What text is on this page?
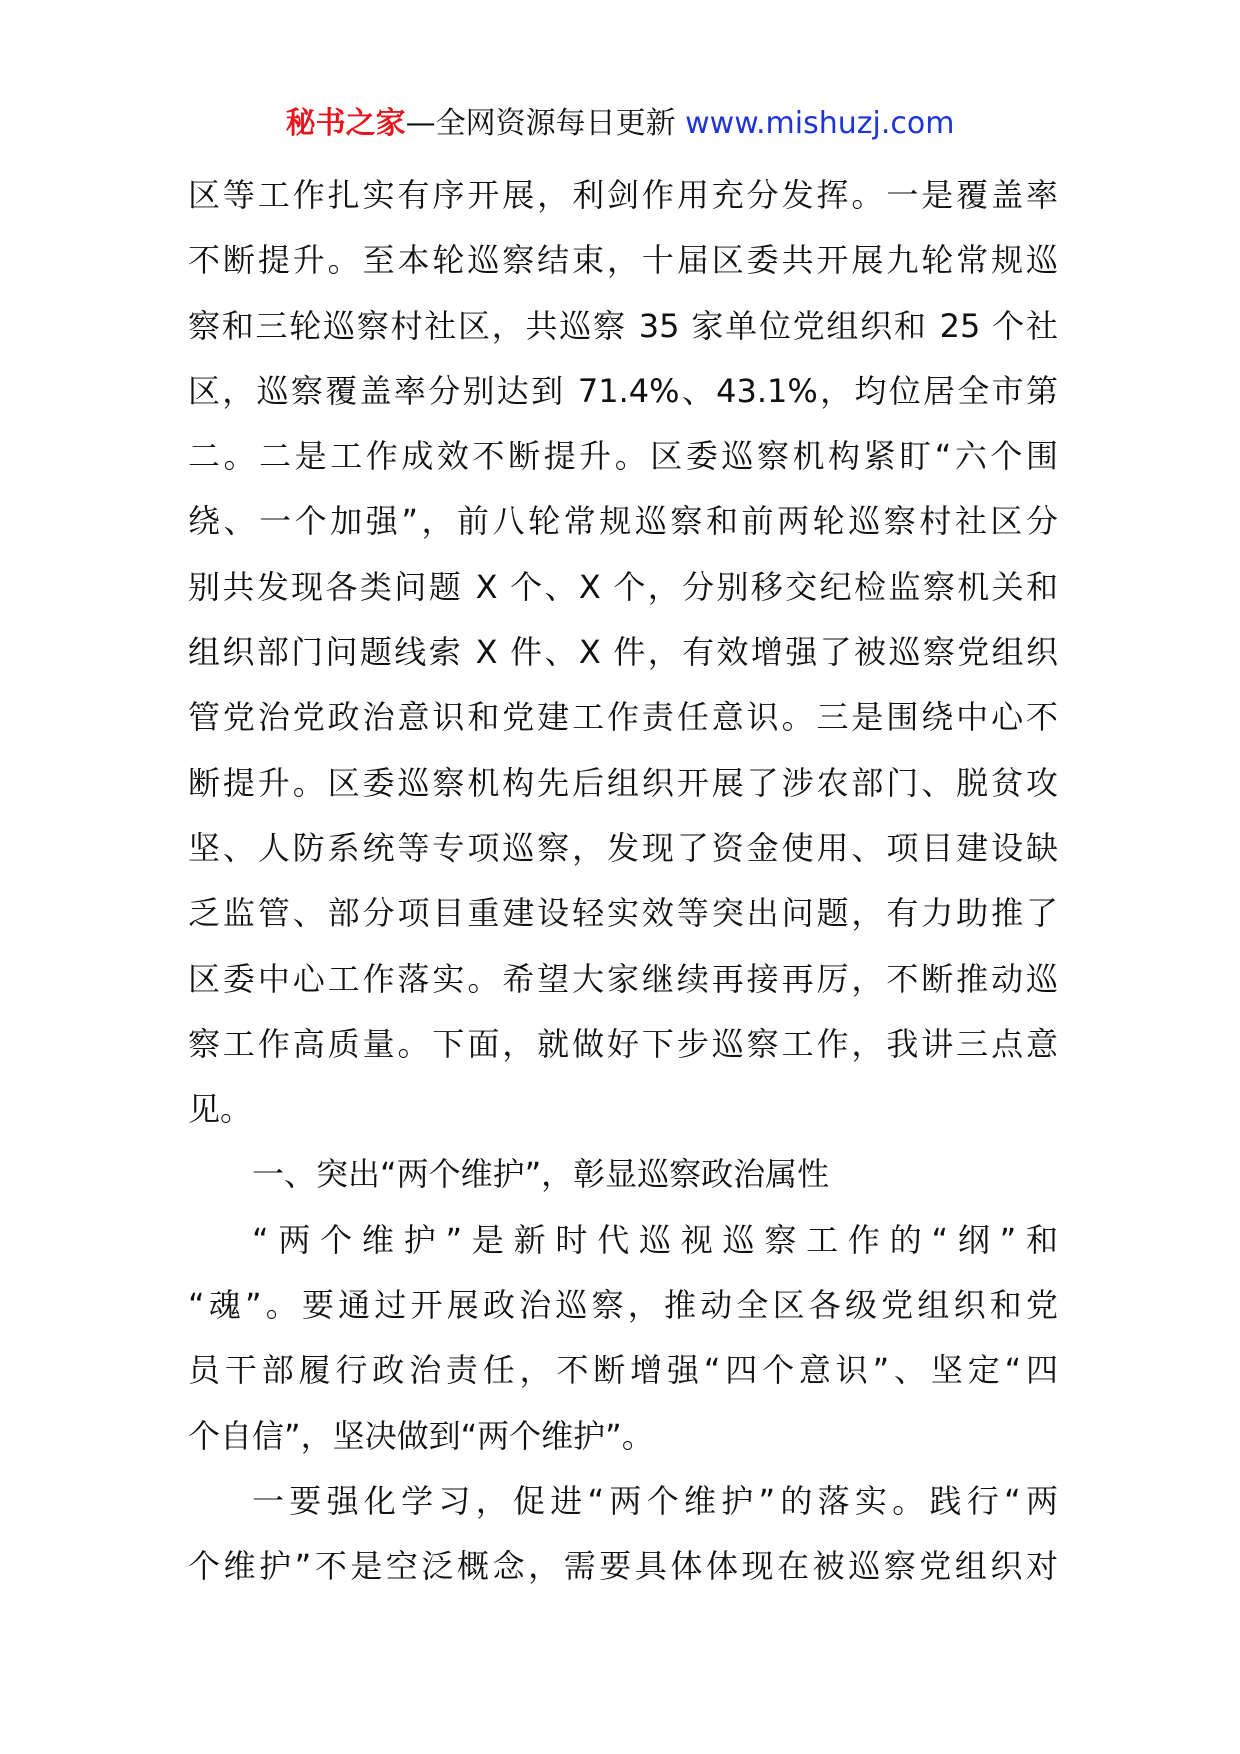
秘书之家—全网资源每日更新 www.mishuzj.com
区等工作扎实有序开展，利剑作用充分发挥。一是覆盖率
不断提升。至本轮巡察结束，十届区委共开展九轮常规巡
察和三轮巡察村社区，共巡察 35 家单位党组织和 25 个社
区，巡察覆盖率分别达到 71.4%、43.1%，均位居全市第
二。二是工作成效不断提升。区委巡察机构紧盯“六个围
绕、一个加强”，前八轮常规巡察和前两轮巡察村社区分
别共发现各类问题 X 个、X 个，分别移交纪检监察机关和
组织部门问题线索 X 件、X 件，有效增强了被巡察党组织
管党治党政治意识和党建工作责任意识。三是围绕中心不
断提升。区委巡察机构先后组织开展了涉农部门、脱贫攻
坚、人防系统等专项巡察，发现了资金使用、项目建设缺
乏监管、部分项目重建设轻实效等突出问题，有力助推了
区委中心工作落实。希望大家继续再接再厉，不断推动巡
察工作高质量。下面，就做好下步巡察工作，我讲三点意
见。
一、突出“两个维护”，彰显巡察政治属性
“两个维护”是新时代巡视巡察工作的“纲”和
“魂”。要通过开展政治巡察，推动全区各级党组织和党
员干部履行政治责任，不断增强“四个意识”、坚定“四
个自信”，坚决做到“两个维护”。
一要强化学习，促进“两个维护”的落实。践行“两
个维护”不是空泛概念，需要具体体现在被巡察党组织对
